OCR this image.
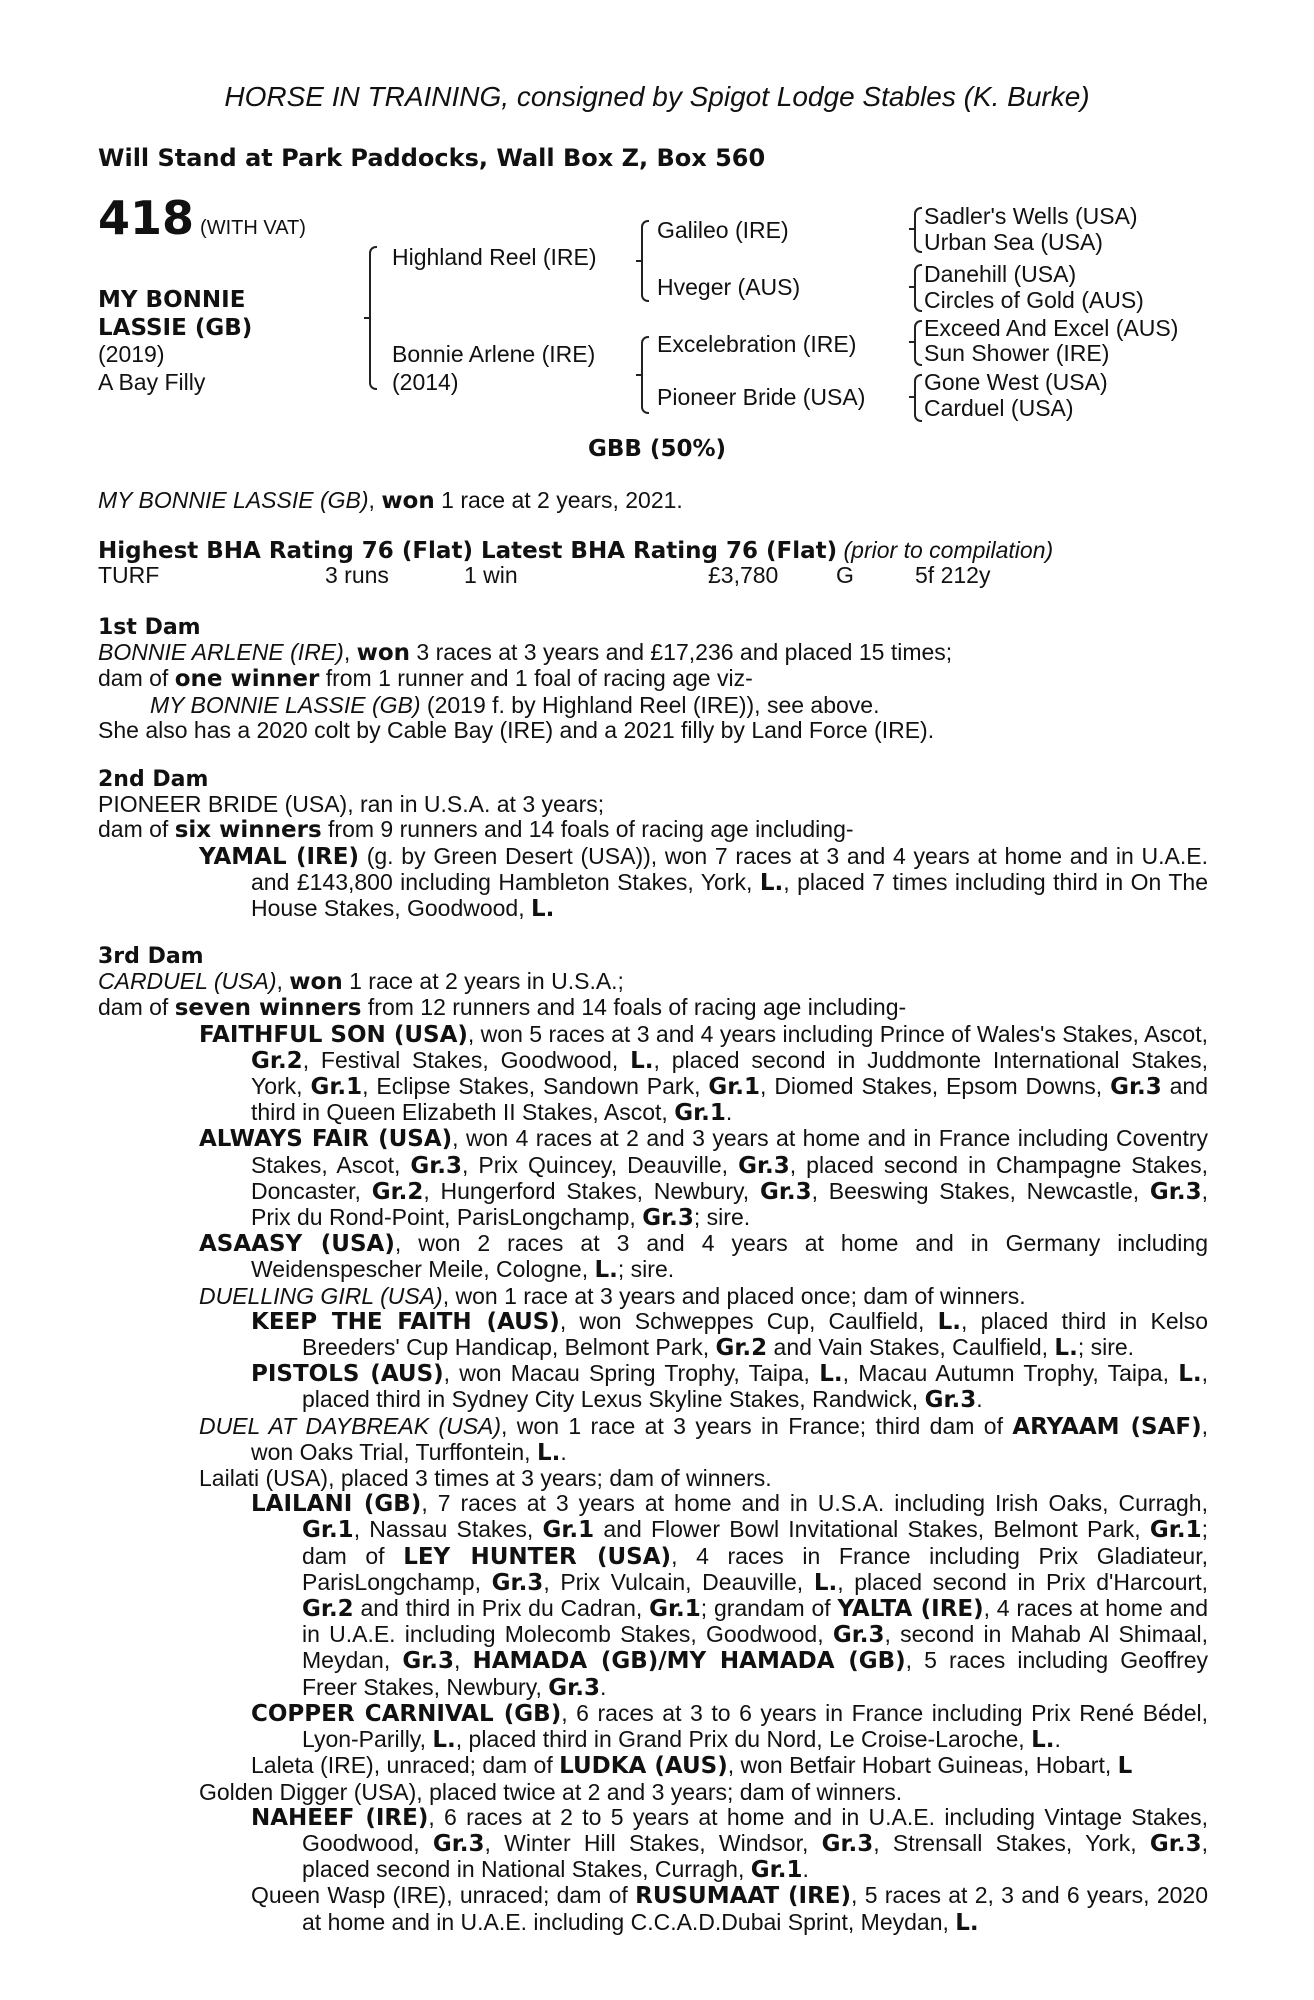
HORSE IN TRAINING, consigned by Spigot Lodge Stables (K. Burke)
Will Stand at Park Paddocks, Wall Box Z, Box 560
418 (WITH VAT)
MY BONNIE
LASSIE (GB)
(2019)
A Bay Filly
Highland Reel (IRE)
Bonnie Arlene (IRE)
(2014)
Galileo (IRE)
Hveger (AUS)
Excelebration (IRE)
Pioneer Bride (USA)
Sadler's Wells (USA)
Urban Sea (USA)
Danehill (USA)
Circles of Gold (AUS)
Exceed And Excel (AUS)
Sun Shower (IRE)
Gone West (USA)
Carduel (USA)
GBB (50%)
MY BONNIE LASSIE (GB), won 1 race at 2 years, 2021.
Highest BHA Rating 76 (Flat) Latest BHA Rating 76 (Flat) (prior to compilation)
TURF	3 runs	1 win	£3,780	G	5f 212y

1st Dam

BONNIE ARLENE (IRE), won 3 races at 3 years and £17,236 and placed 15 times;

dam of one winner from 1 runner and 1 foal of racing age viz-

MY BONNIE LASSIE (GB) (2019 f. by Highland Reel (IRE)), see above.

She also has a 2020 colt by Cable Bay (IRE) and a 2021 filly by Land Force (IRE).

2nd Dam

PIONEER BRIDE (USA), ran in U.S.A. at 3 years;

dam of six winners from 9 runners and 14 foals of racing age including-

YAMAL (IRE) (g. by Green Desert (USA)), won 7 races at 3 and 4 years at home and in U.A.E. and £143,800 including Hambleton Stakes, York, L., placed 7 times including third in On The House Stakes, Goodwood, L.

3rd Dam

CARDUEL (USA), won 1 race at 2 years in U.S.A.;

dam of seven winners from 12 runners and 14 foals of racing age including-

FAITHFUL SON (USA), won 5 races at 3 and 4 years including Prince of Wales's Stakes, Ascot, Gr.2, Festival Stakes, Goodwood, L., placed second in Juddmonte International Stakes, York, Gr.1, Eclipse Stakes, Sandown Park, Gr.1, Diomed Stakes, Epsom Downs, Gr.3 and third in Queen Elizabeth II Stakes, Ascot, Gr.1.

ALWAYS FAIR (USA), won 4 races at 2 and 3 years at home and in France including Coventry Stakes, Ascot, Gr.3, Prix Quincey, Deauville, Gr.3, placed second in Champagne Stakes, Doncaster, Gr.2, Hungerford Stakes, Newbury, Gr.3, Beeswing Stakes, Newcastle, Gr.3, Prix du Rond-Point, ParisLongchamp, Gr.3; sire.

ASAASY (USA), won 2 races at 3 and 4 years at home and in Germany including Weidenspescher Meile, Cologne, L.; sire.

DUELLING GIRL (USA), won 1 race at 3 years and placed once; dam of winners.

KEEP THE FAITH (AUS), won Schweppes Cup, Caulfield, L., placed third in Kelso Breeders' Cup Handicap, Belmont Park, Gr.2 and Vain Stakes, Caulfield, L.; sire.

PISTOLS (AUS), won Macau Spring Trophy, Taipa, L., Macau Autumn Trophy, Taipa, L., placed third in Sydney City Lexus Skyline Stakes, Randwick, Gr.3.

DUEL AT DAYBREAK (USA), won 1 race at 3 years in France; third dam of ARYAAM (SAF), won Oaks Trial, Turffontein, L..

Lailati (USA), placed 3 times at 3 years; dam of winners.

LAILANI (GB), 7 races at 3 years at home and in U.S.A. including Irish Oaks, Curragh, Gr.1, Nassau Stakes, Gr.1 and Flower Bowl Invitational Stakes, Belmont Park, Gr.1; dam of LEY HUNTER (USA), 4 races in France including Prix Gladiateur, ParisLongchamp, Gr.3, Prix Vulcain, Deauville, L., placed second in Prix d'Harcourt, Gr.2 and third in Prix du Cadran, Gr.1; grandam of YALTA (IRE), 4 races at home and in U.A.E. including Molecomb Stakes, Goodwood, Gr.3, second in Mahab Al Shimaal, Meydan, Gr.3, HAMADA (GB)/MY HAMADA (GB), 5 races including Geoffrey Freer Stakes, Newbury, Gr.3.

COPPER CARNIVAL (GB), 6 races at 3 to 6 years in France including Prix René Bédel, Lyon-Parilly, L., placed third in Grand Prix du Nord, Le Croise-Laroche, L..

Laleta (IRE), unraced; dam of LUDKA (AUS), won Betfair Hobart Guineas, Hobart, L

Golden Digger (USA), placed twice at 2 and 3 years; dam of winners.

NAHEEF (IRE), 6 races at 2 to 5 years at home and in U.A.E. including Vintage Stakes, Goodwood, Gr.3, Winter Hill Stakes, Windsor, Gr.3, Strensall Stakes, York, Gr.3, placed second in National Stakes, Curragh, Gr.1.

Queen Wasp (IRE), unraced; dam of RUSUMAAT (IRE), 5 races at 2, 3 and 6 years, 2020 at home and in U.A.E. including C.C.A.D.Dubai Sprint, Meydan, L.
